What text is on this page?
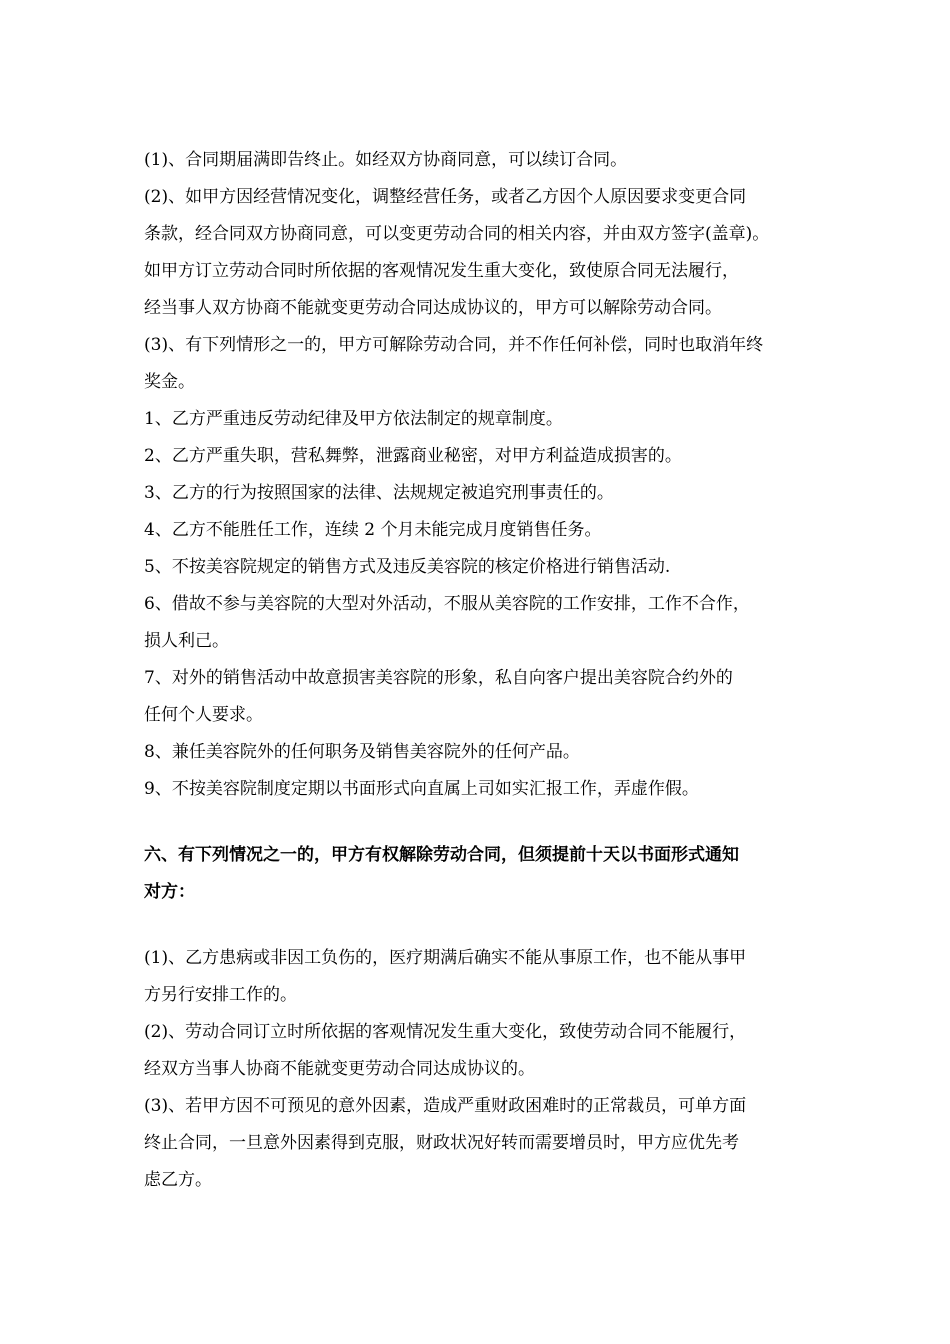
(1)、合同期届满即告终止。如经双方协商同意，可以续订合同。

(2)、如甲方因经营情况变化，调整经营任务，或者乙方因个人原因要求变更合同

条款，经合同双方协商同意，可以变更劳动合同的相关内容，并由双方签字(盖章)。

如甲方订立劳动合同时所依据的客观情况发生重大变化，致使原合同无法履行，

经当事人双方协商不能就变更劳动合同达成协议的，甲方可以解除劳动合同。

(3)、有下列情形之一的，甲方可解除劳动合同，并不作任何补偿，同时也取消年终

奖金。

1、乙方严重违反劳动纪律及甲方依法制定的规章制度。

2、乙方严重失职，营私舞弊，泄露商业秘密，对甲方利益造成损害的。

3、乙方的行为按照国家的法律、法规规定被追究刑事责任的。

4、乙方不能胜任工作，连续 2 个月未能完成月度销售任务。

5、不按美容院规定的销售方式及违反美容院的核定价格进行销售活动.

6、借故不参与美容院的大型对外活动，不服从美容院的工作安排，工作不合作，

损人利己。

7、对外的销售活动中故意损害美容院的形象，私自向客户提出美容院合约外的

任何个人要求。

8、兼任美容院外的任何职务及销售美容院外的任何产品。

9、不按美容院制度定期以书面形式向直属上司如实汇报工作，弄虚作假。

六、有下列情况之一的，甲方有权解除劳动合同，但须提前十天以书面形式通知

对方：

(1)、乙方患病或非因工负伤的，医疗期满后确实不能从事原工作，也不能从事甲

方另行安排工作的。

(2)、劳动合同订立时所依据的客观情况发生重大变化，致使劳动合同不能履行，

经双方当事人协商不能就变更劳动合同达成协议的。

(3)、若甲方因不可预见的意外因素，造成严重财政困难时的正常裁员，可单方面

终止合同，一旦意外因素得到克服，财政状况好转而需要增员时，甲方应优先考

虑乙方。
